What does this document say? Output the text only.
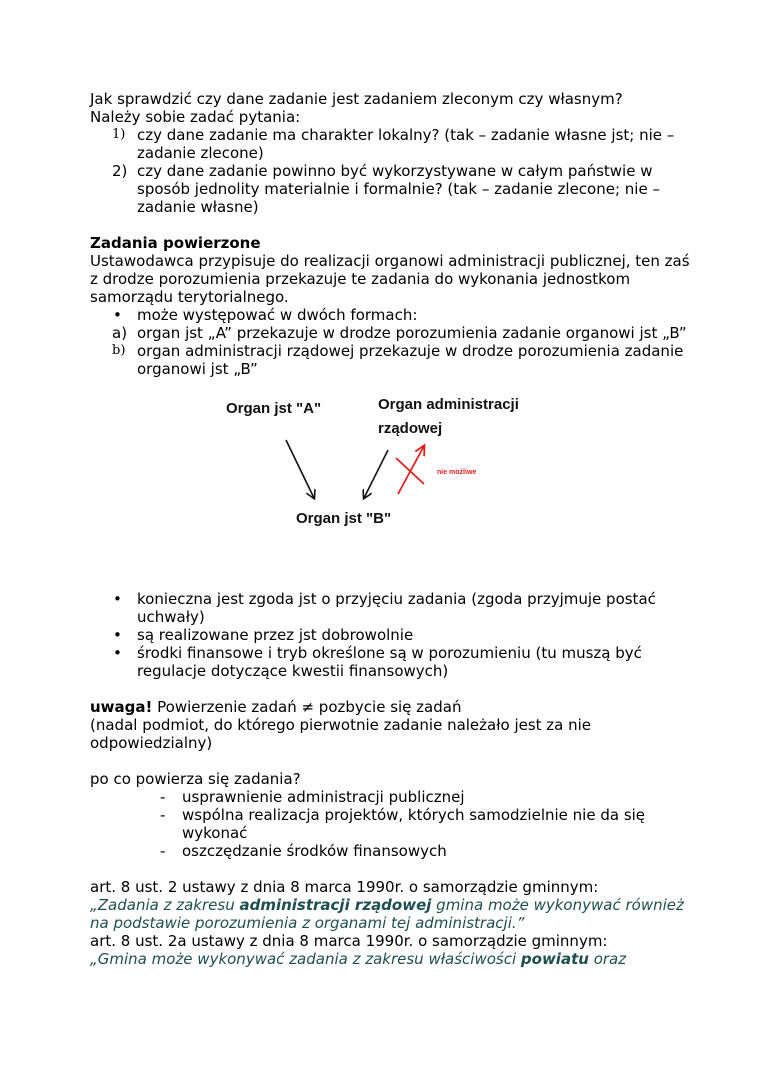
Jak sprawdzić czy dane zadanie jest zadaniem zleconym czy własnym?

Należy sobie zadać pytania:

1) czy dane zadanie ma charakter lokalny? (tak – zadanie własne jst; nie – zadanie zlecone)
2) czy dane zadanie powinno być wykorzystywane w całym państwie w sposób jednolity materialnie i formalnie? (tak – zadanie zlecone; nie – zadanie własne)

Zadania powierzone

Ustawodawca przypisuje do realizacji organowi administracji publicznej, ten zaś z drodze porozumienia przekazuje te zadania do wykonania jednostkom samorządu terytorialnego.

• może występować w dwóch formach:
a) organ jst „A” przekazuje w drodze porozumienia zadanie organowi jst „B”
b) organ administracji rządowej przekazuje w drodze porozumienia zadanie organowi jst „B”
Organ jst "A"	Organ administracji
rządowej
Organ jst "B"
nie możliwe
• konieczna jest zgoda jst o przyjęciu zadania (zgoda przyjmuje postać uchwały)
• są realizowane przez jst dobrowolnie
• środki finansowe i tryb określone są w porozumieniu (tu muszą być regulacje dotyczące kwestii finansowych)

uwaga! Powierzenie zadań ≠ pozbycie się zadań

(nadal podmiot, do którego pierwotnie zadanie należało jest za nie odpowiedzialny)

po co powierza się zadania?

- usprawnienie administracji publicznej
- wspólna realizacja projektów, których samodzielnie nie da się wykonać
- oszczędzanie środków finansowych

art. 8 ust. 2 ustawy z dnia 8 marca 1990r. o samorządzie gminnym:

„Zadania z zakresu administracji rządowej gmina może wykonywać również na podstawie porozumienia z organami tej administracji.”

art. 8 ust. 2a ustawy z dnia 8 marca 1990r. o samorządzie gminnym:

„Gmina może wykonywać zadania z zakresu właściwości powiatu oraz
